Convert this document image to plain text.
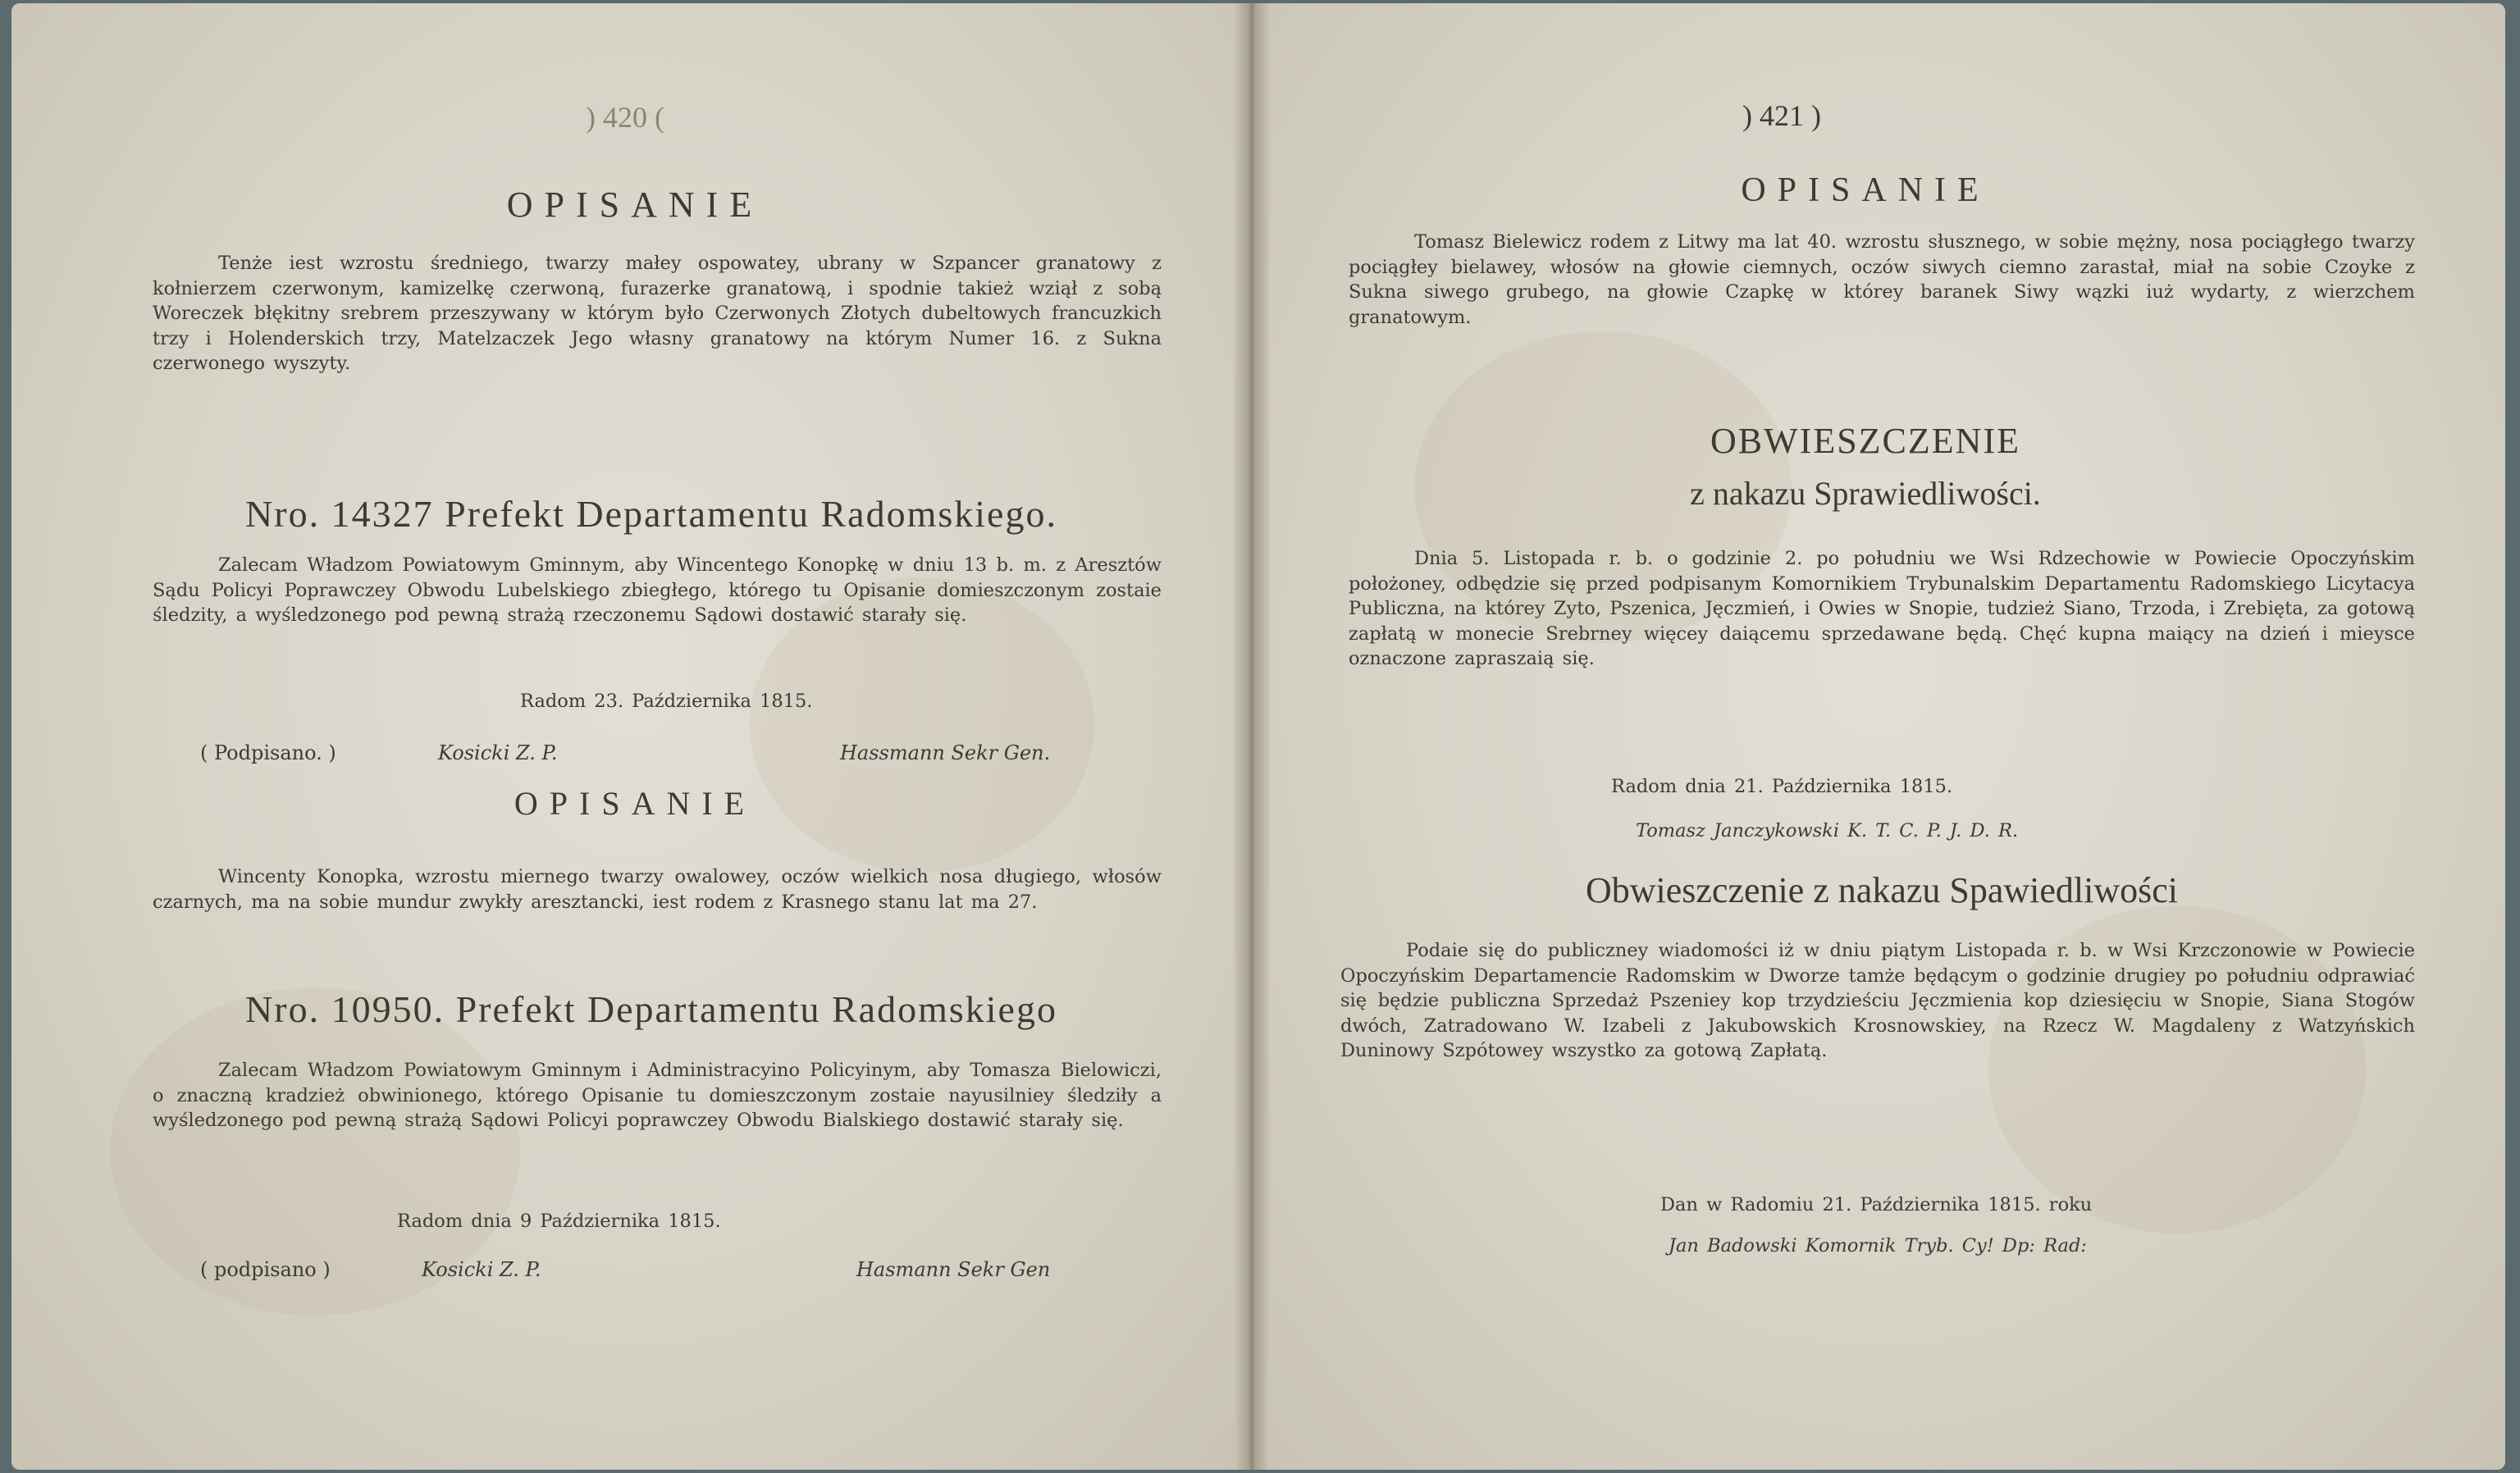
) 420 (
OPISANIE

Tenże iest wzrostu średniego, twarzy małey ospowatey, ubrany w Szpancer granatowy z kołnierzem czerwonym, kamizelkę czerwoną, furazerke granatową, i spodnie takież wziął z sobą Woreczek błękitny srebrem przeszywany w którym było Czerwonych Złotych dubeltowych francuzkich trzy i Holenderskich trzy, Matelzaczek Jego własny granatowy na którym Numer 16. z Sukna czerwonego wyszyty.

Nro. 14327 Prefekt Departamentu Radomskiego.

Zalecam Władzom Powiatowym Gminnym, aby Wincentego Konopkę w dniu 13 b. m. z Aresztów Sądu Policyi Poprawczey Obwodu Lubelskiego zbiegłego, którego tu Opisanie domieszczonym zostaie śledzity, a wyśledzonego pod pewną strażą rzeczonemu Sądowi dostawić starały się.

Radom 23. Października 1815.
( Podpisano. )	Kosicki Z. P.	Hassmann Sekr Gen.
OPISANIE

Wincenty Konopka, wzrostu miernego twarzy owalowey, oczów wielkich nosa długiego, włosów czarnych, ma na sobie mundur zwykły aresztancki, iest rodem z Krasnego stanu lat ma 27.

Nro. 10950. Prefekt Departamentu Radomskiego

Zalecam Władzom Powiatowym Gminnym i Administracyino Policyinym, aby Tomasza Bielowiczi, o znaczną kradzież obwinionego, którego Opisanie tu domieszczonym zostaie nayusilniey śledziły a wyśledzonego pod pewną strażą Sądowi Policyi poprawczey Obwodu Bialskiego dostawić starały się.

Radom dnia 9 Października 1815.
( podpisano )	Kosicki Z. P.	Hasmann Sekr Gen
) 421 )
OPISANIE

Tomasz Bielewicz rodem z Litwy ma lat 40. wzrostu słusznego, w sobie mężny, nosa pociągłego twarzy pociągłey bielawey, włosów na głowie ciemnych, oczów siwych ciemno zarastał, miał na sobie Czoyke z Sukna siwego grubego, na głowie Czapkę w którey baranek Siwy wązki iuż wydarty, z wierzchem granatowym.

OBWIESZCZENIE
z nakazu Sprawiedliwości.

Dnia 5. Listopada r. b. o godzinie 2. po południu we Wsi Rdzechowie w Powiecie Opoczyńskim położoney, odbędzie się przed podpisanym Komornikiem Trybunalskim Departamentu Radomskiego Licytacya Publiczna, na którey Zyto, Pszenica, Jęczmień, i Owies w Snopie, tudzież Siano, Trzoda, i Zrebięta, za gotową zapłatą w monecie Srebrney więcey daiącemu sprzedawane będą. Chęć kupna maiący na dzień i mieysce oznaczone zapraszaią się.

Radom dnia 21. Października 1815.
Tomasz Janczykowski K. T. C. P. J. D. R.
Obwieszczenie z nakazu Spawiedliwości

Podaie się do publiczney wiadomości iż w dniu piątym Listopada r. b. w Wsi Krzczonowie w Powiecie Opoczyńskim Departamencie Radomskim w Dworze tamże będącym o godzinie drugiey po południu odprawiać się będzie publiczna Sprzedaż Pszeniey kop trzydzieściu Jęczmienia kop dziesięciu w Snopie, Siana Stogów dwóch, Zatradowano W. Izabeli z Jakubowskich Krosnowskiey, na Rzecz W. Magdaleny z Watzyńskich Duninowy Szpótowey wszystko za gotową Zapłatą.

Dan w Radomiu 21. Października 1815. roku
Jan Badowski Komornik Tryb. Cy! Dp: Rad:
